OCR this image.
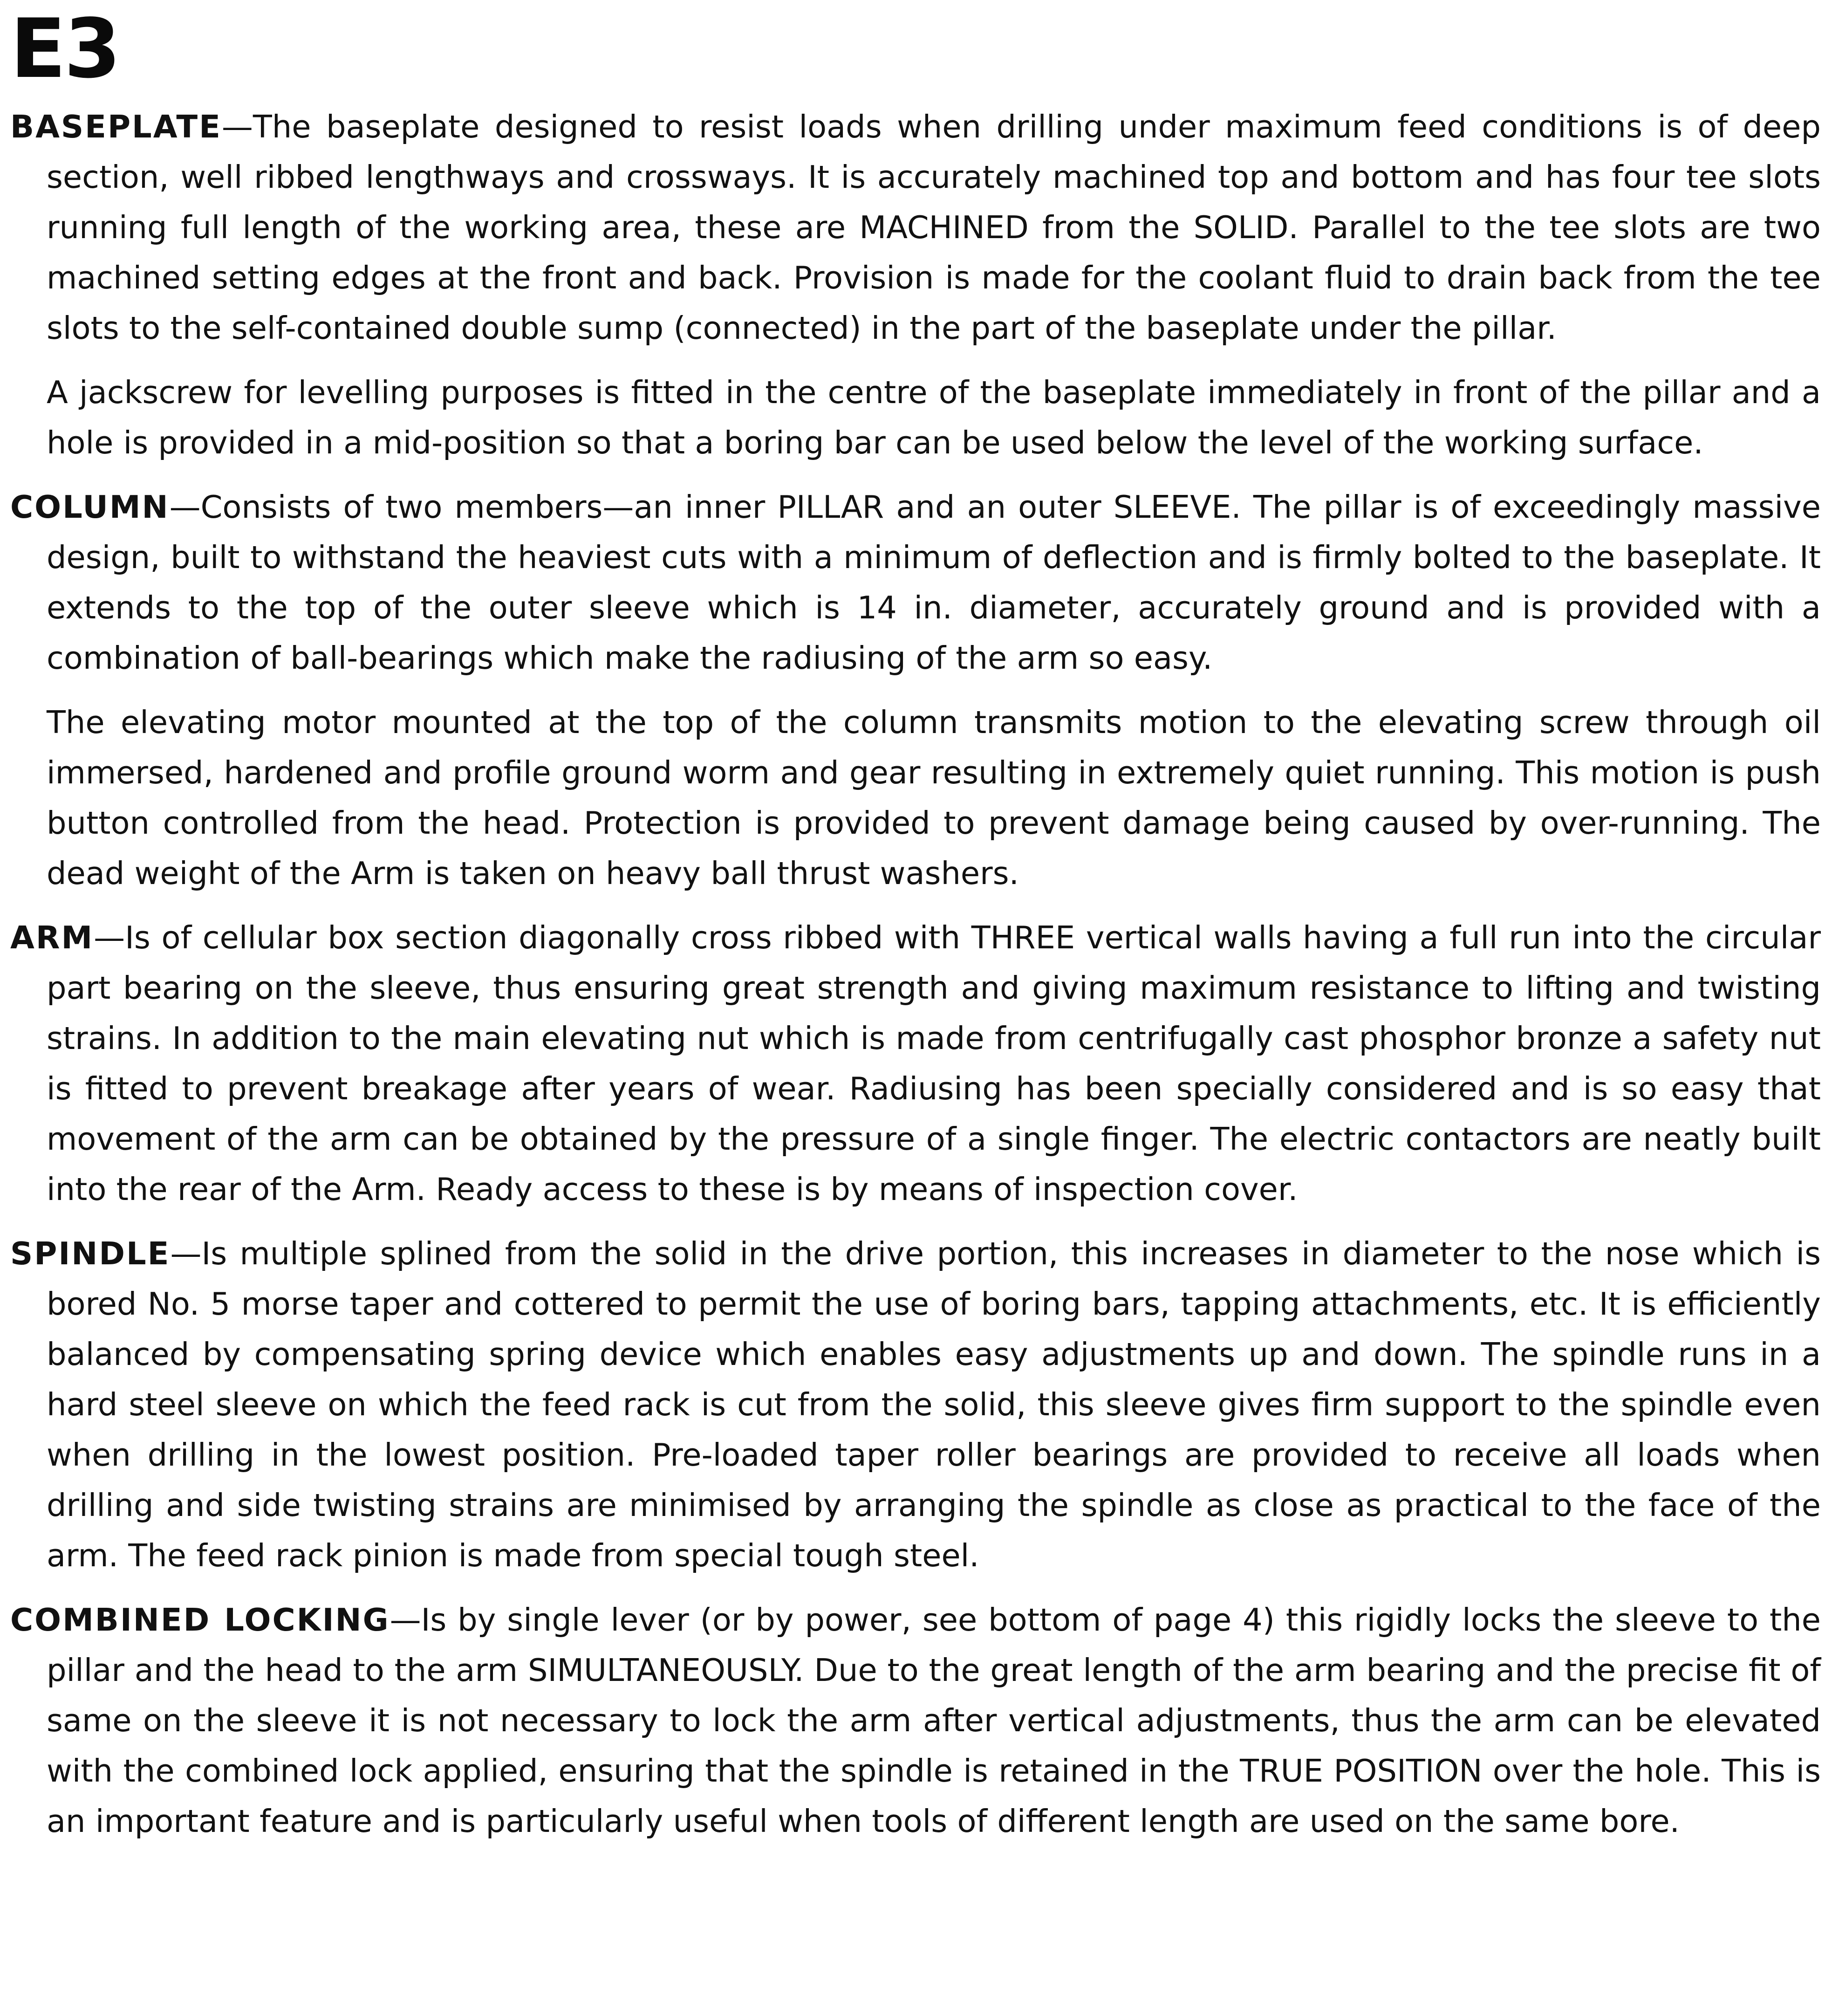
E3

BASEPLATE—The baseplate designed to resist loads when drilling under maximum feed conditions is of deep section, well ribbed lengthways and crossways. It is accurately machined top and bottom and has four tee slots running full length of the working area, these are MACHINED from the SOLID. Parallel to the tee slots are two machined setting edges at the front and back. Provision is made for the coolant fluid to drain back from the tee slots to the self-contained double sump (connected) in the part of the baseplate under the pillar.

A jackscrew for levelling purposes is fitted in the centre of the baseplate immediately in front of the pillar and a hole is provided in a mid-position so that a boring bar can be used below the level of the working surface.

COLUMN—Consists of two members—an inner PILLAR and an outer SLEEVE. The pillar is of exceedingly massive design, built to withstand the heaviest cuts with a minimum of deflection and is firmly bolted to the baseplate. It extends to the top of the outer sleeve which is 14 in. diameter, accurately ground and is provided with a combination of ball-bearings which make the radiusing of the arm so easy.

The elevating motor mounted at the top of the column transmits motion to the elevating screw through oil immersed, hardened and profile ground worm and gear resulting in extremely quiet running. This motion is push button controlled from the head. Protection is provided to prevent damage being caused by over-running. The dead weight of the Arm is taken on heavy ball thrust washers.

ARM—Is of cellular box section diagonally cross ribbed with THREE vertical walls having a full run into the circular part bearing on the sleeve, thus ensuring great strength and giving maximum resistance to lifting and twisting strains. In addition to the main elevating nut which is made from centrifugally cast phosphor bronze a safety nut is fitted to prevent breakage after years of wear. Radiusing has been specially considered and is so easy that movement of the arm can be obtained by the pressure of a single finger. The electric contactors are neatly built into the rear of the Arm. Ready access to these is by means of inspection cover.

SPINDLE—Is multiple splined from the solid in the drive portion, this increases in diameter to the nose which is bored No. 5 morse taper and cottered to permit the use of boring bars, tapping attachments, etc. It is efficiently balanced by compensating spring device which enables easy adjustments up and down. The spindle runs in a hard steel sleeve on which the feed rack is cut from the solid, this sleeve gives firm support to the spindle even when drilling in the lowest position. Pre-loaded taper roller bearings are provided to receive all loads when drilling and side twisting strains are minimised by arranging the spindle as close as practical to the face of the arm. The feed rack pinion is made from special tough steel.

COMBINED LOCKING—Is by single lever (or by power, see bottom of page 4) this rigidly locks the sleeve to the pillar and the head to the arm SIMULTANEOUSLY. Due to the great length of the arm bearing and the precise fit of same on the sleeve it is not necessary to lock the arm after vertical adjustments, thus the arm can be elevated with the combined lock applied, ensuring that the spindle is retained in the TRUE POSITION over the hole. This is an important feature and is particularly useful when tools of different length are used on the same bore.
